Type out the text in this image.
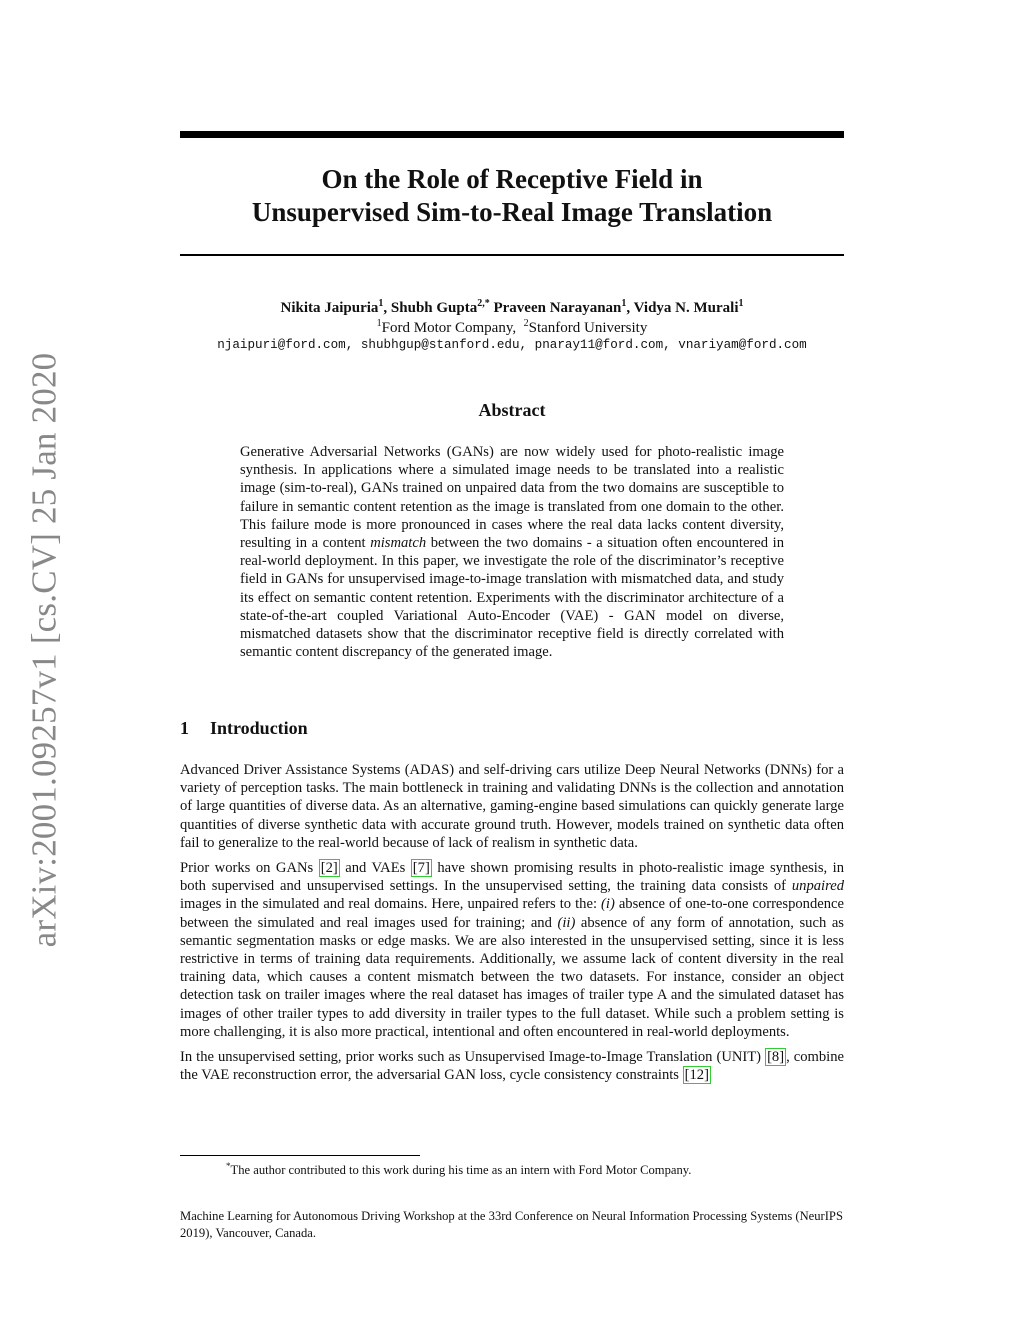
arXiv:2001.09257v1 [cs.CV] 25 Jan 2020
On the Role of Receptive Field in
Unsupervised Sim-to-Real Image Translation
Nikita Jaipuria$^1$, Shubh Gupta$^{2,*}$ Praveen Narayanan$^1$, Vidya N. Murali$^1$
$^1$Ford Motor Company, $^2$Stanford University
njaipuri@ford.com, shubhgup@stanford.edu, pnaray11@ford.com, vnariyam@ford.com
Abstract

Generative Adversarial Networks (GANs) are now widely used for photo-realistic image synthesis. In applications where a simulated image needs to be translated into a realistic image (sim-to-real), GANs trained on unpaired data from the two domains are susceptible to failure in semantic content retention as the image is translated from one domain to the other. This failure mode is more pronounced in cases where the real data lacks content diversity, resulting in a content mismatch between the two domains - a situation often encountered in real-world deployment. In this paper, we investigate the role of the discriminator’s receptive field in GANs for unsupervised image-to-image translation with mismatched data, and study its effect on semantic content retention. Experiments with the discriminator architecture of a state-of-the-art coupled Variational Auto-Encoder (VAE) - GAN model on diverse, mismatched datasets show that the discriminator receptive field is directly correlated with semantic content discrepancy of the generated image.

1 Introduction

Advanced Driver Assistance Systems (ADAS) and self-driving cars utilize Deep Neural Networks (DNNs) for a variety of perception tasks. The main bottleneck in training and validating DNNs is the collection and annotation of large quantities of diverse data. As an alternative, gaming-engine based simulations can quickly generate large quantities of diverse synthetic data with accurate ground truth. However, models trained on synthetic data often fail to generalize to the real-world because of lack of realism in synthetic data.

Prior works on GANs [2] and VAEs [7] have shown promising results in photo-realistic image synthesis, in both supervised and unsupervised settings. In the unsupervised setting, the training data consists of unpaired images in the simulated and real domains. Here, unpaired refers to the: (i) absence of one-to-one correspondence between the simulated and real images used for training; and (ii) absence of any form of annotation, such as semantic segmentation masks or edge masks. We are also interested in the unsupervised setting, since it is less restrictive in terms of training data requirements. Additionally, we assume lack of content diversity in the real training data, which causes a content mismatch between the two datasets. For instance, consider an object detection task on trailer images where the real dataset has images of trailer type A and the simulated dataset has images of other trailer types to add diversity in trailer types to the full dataset. While such a problem setting is more challenging, it is also more practical, intentional and often encountered in real-world deployments.

In the unsupervised setting, prior works such as Unsupervised Image-to-Image Translation (UNIT) [8] , combine the VAE reconstruction error, the adversarial GAN loss, cycle consistency constraints [12]

*The author contributed to this work during his time as an intern with Ford Motor Company.
Machine Learning for Autonomous Driving Workshop at the 33rd Conference on Neural Information Processing Systems (NeurIPS 2019), Vancouver, Canada.
